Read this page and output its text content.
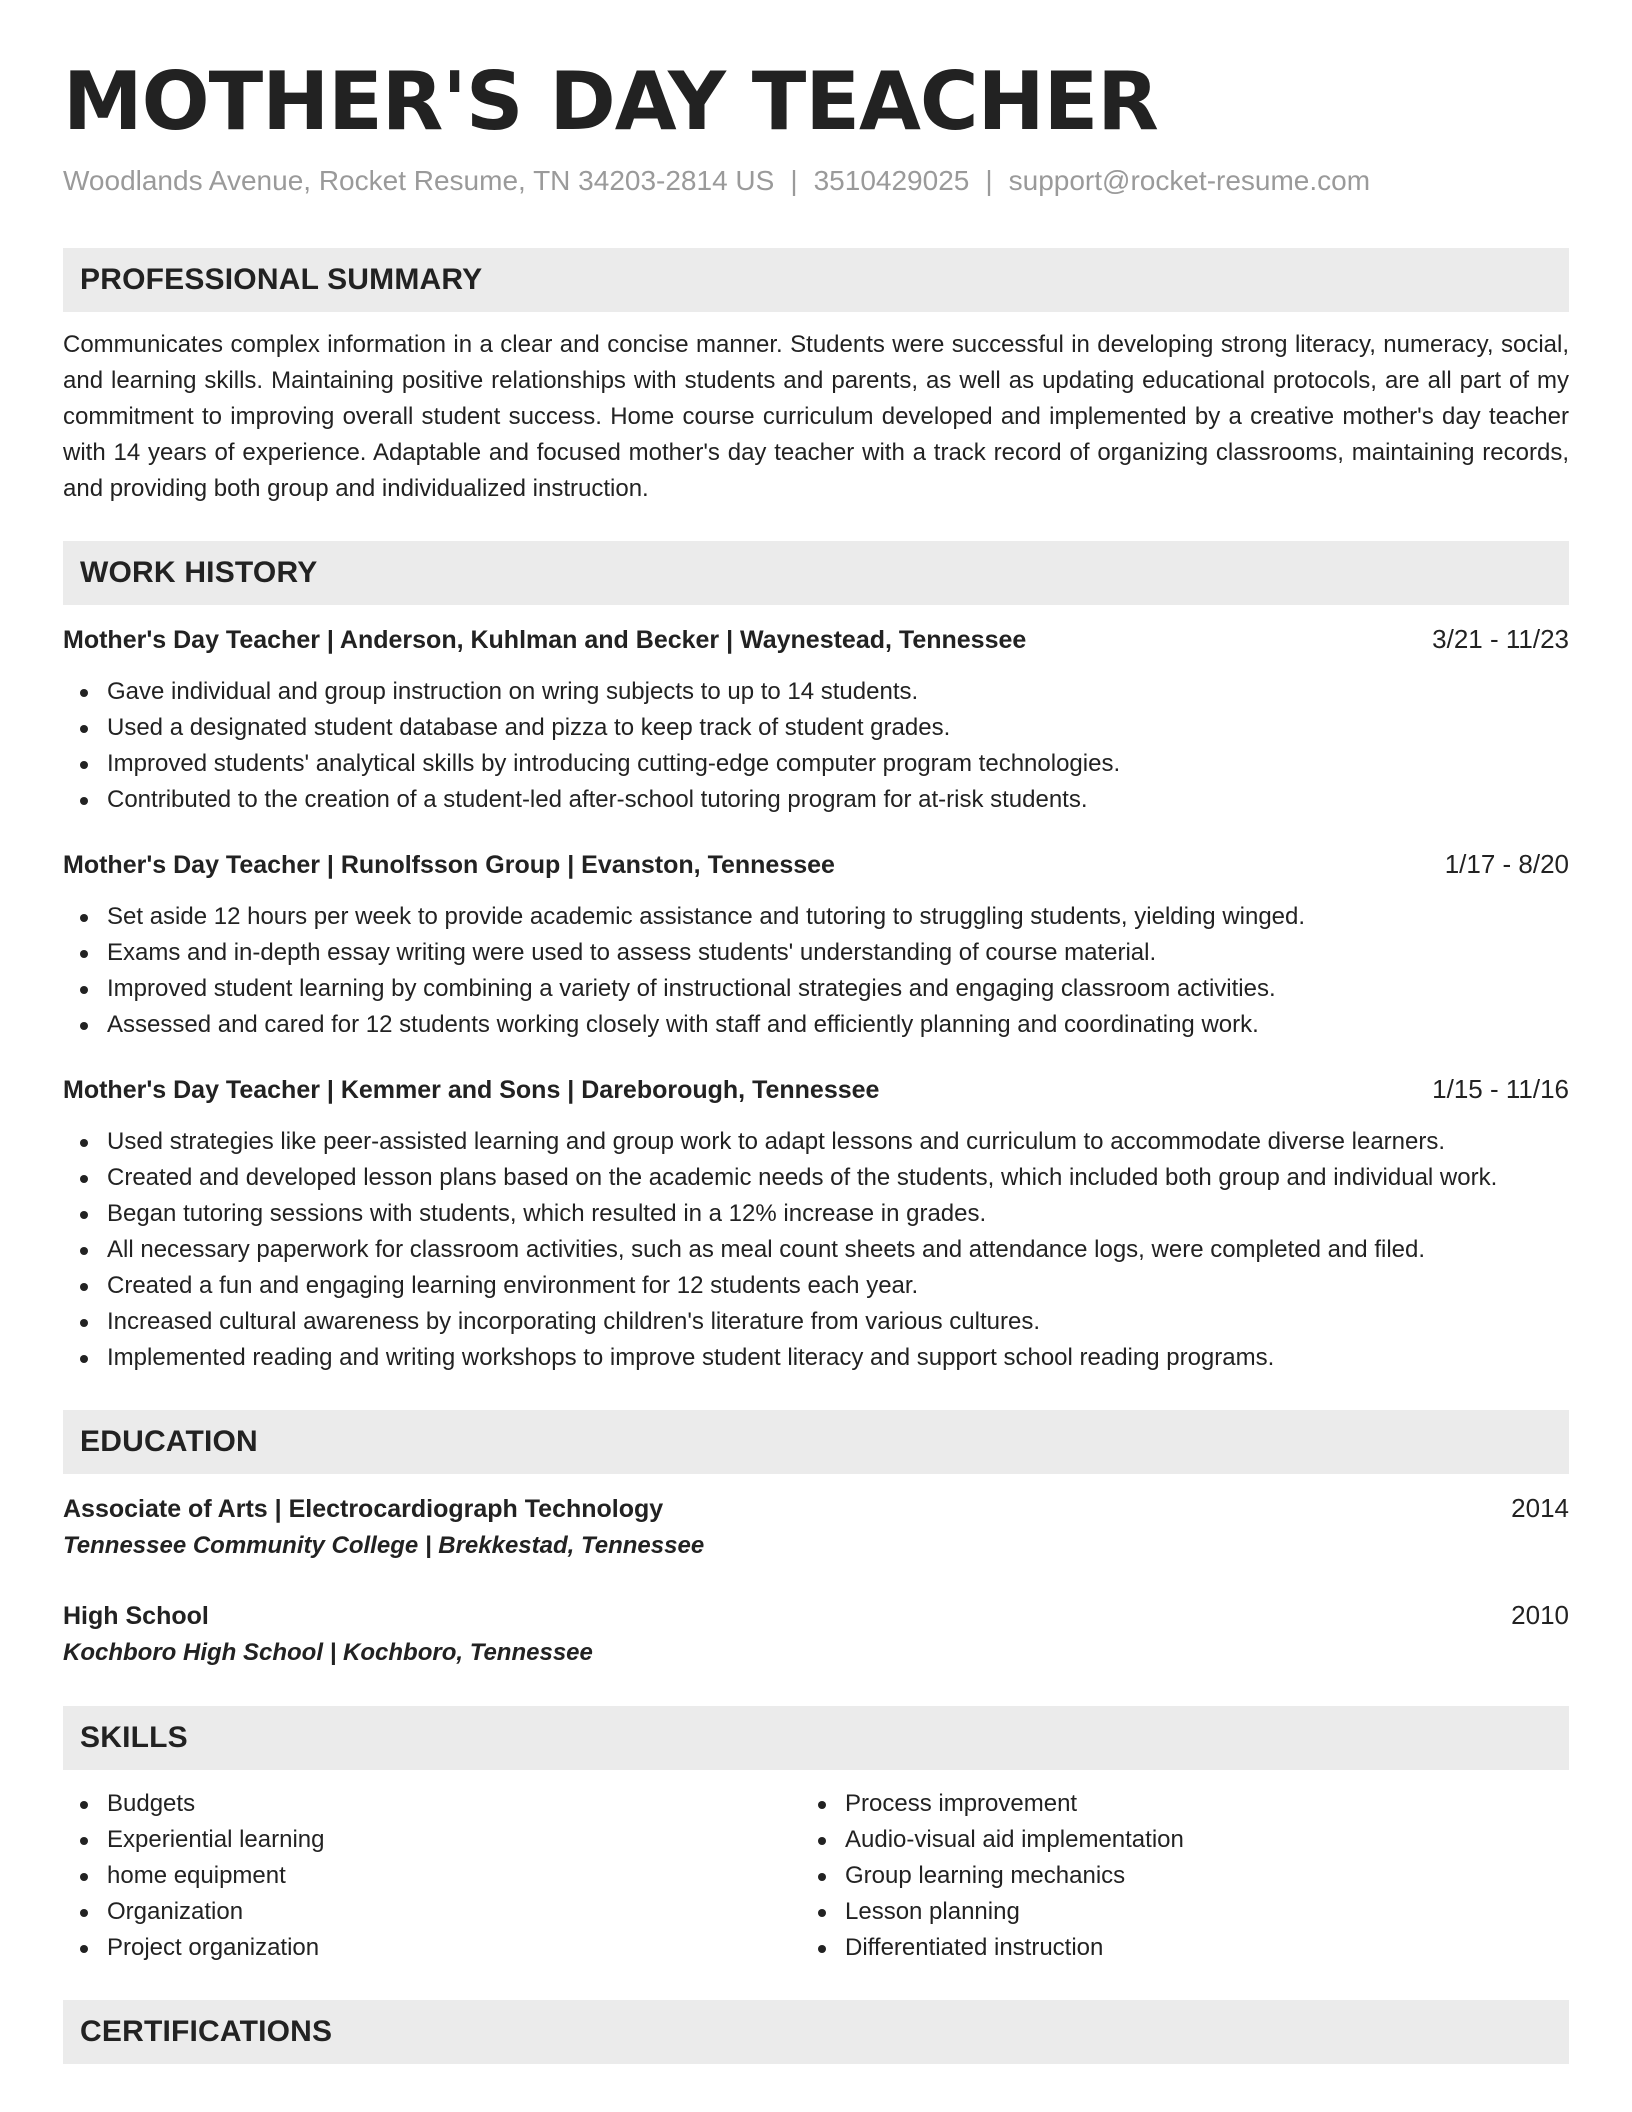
MOTHER'S DAY TEACHER
Woodlands Avenue, Rocket Resume, TN 34203-2814 US | 3510429025 | support@rocket-resume.com
PROFESSIONAL SUMMARY

Communicates complex information in a clear and concise manner. Students were successful in developing strong literacy, numeracy, social, and learning skills. Maintaining positive relationships with students and parents, as well as updating educational protocols, are all part of my commitment to improving overall student success. Home course curriculum developed and implemented by a creative mother's day teacher with 14 years of experience. Adaptable and focused mother's day teacher with a track record of organizing classrooms, maintaining records, and providing both group and individualized instruction.

WORK HISTORY
Mother's Day Teacher | Anderson, Kuhlman and Becker | Waynestead, Tennessee	3/21 - 11/23
Gave individual and group instruction on wring subjects to up to 14 students.
Used a designated student database and pizza to keep track of student grades.
Improved students' analytical skills by introducing cutting-edge computer program technologies.
Contributed to the creation of a student-led after-school tutoring program for at-risk students.
Mother's Day Teacher | Runolfsson Group | Evanston, Tennessee	1/17 - 8/20
Set aside 12 hours per week to provide academic assistance and tutoring to struggling students, yielding winged.
Exams and in-depth essay writing were used to assess students' understanding of course material.
Improved student learning by combining a variety of instructional strategies and engaging classroom activities.
Assessed and cared for 12 students working closely with staff and efficiently planning and coordinating work.
Mother's Day Teacher | Kemmer and Sons | Dareborough, Tennessee	1/15 - 11/16
Used strategies like peer-assisted learning and group work to adapt lessons and curriculum to accommodate diverse learners.
Created and developed lesson plans based on the academic needs of the students, which included both group and individual work.
Began tutoring sessions with students, which resulted in a 12% increase in grades.
All necessary paperwork for classroom activities, such as meal count sheets and attendance logs, were completed and filed.
Created a fun and engaging learning environment for 12 students each year.
Increased cultural awareness by incorporating children's literature from various cultures.
Implemented reading and writing workshops to improve student literacy and support school reading programs.
EDUCATION
Associate of Arts | Electrocardiograph Technology	2014
Tennessee Community College | Brekkestad, Tennessee
High School	2010
Kochboro High School | Kochboro, Tennessee
SKILLS
Budgets
Experiential learning
home equipment
Organization
Project organization
Process improvement
Audio-visual aid implementation
Group learning mechanics
Lesson planning
Differentiated instruction
CERTIFICATIONS
